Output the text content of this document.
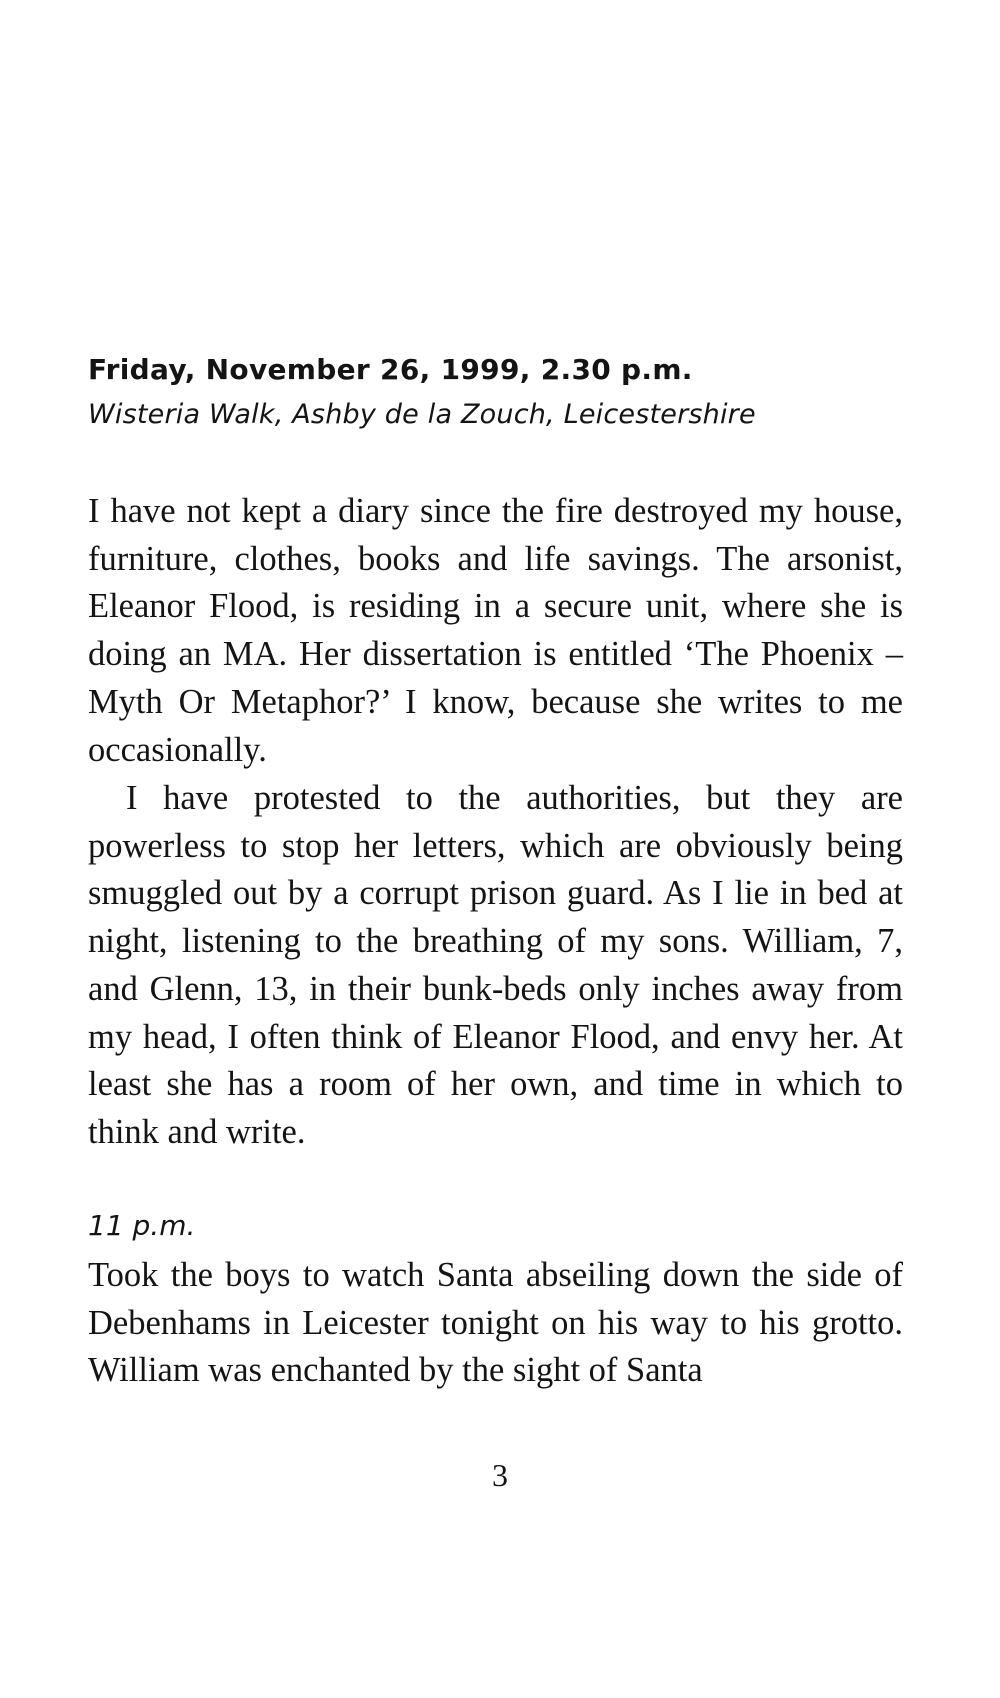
Friday, November 26, 1999, 2.30 p.m.
Wisteria Walk, Ashby de la Zouch, Leicestershire

I have not kept a diary since the fire destroyed my house, furniture, clothes, books and life savings. The arsonist, Eleanor Flood, is residing in a secure unit, where she is doing an MA. Her dissertation is entitled ‘The Phoenix – Myth Or Metaphor?’ I know, because she writes to me occasionally.

I have protested to the authorities, but they are powerless to stop her letters, which are obviously being smuggled out by a corrupt prison guard. As I lie in bed at night, listening to the breathing of my sons. William, 7, and Glenn, 13, in their bunk-beds only inches away from my head, I often think of Eleanor Flood, and envy her. At least she has a room of her own, and time in which to think and write.

11 p.m.

Took the boys to watch Santa abseiling down the side of Debenhams in Leicester tonight on his way to his grotto. William was enchanted by the sight of Santa

3
